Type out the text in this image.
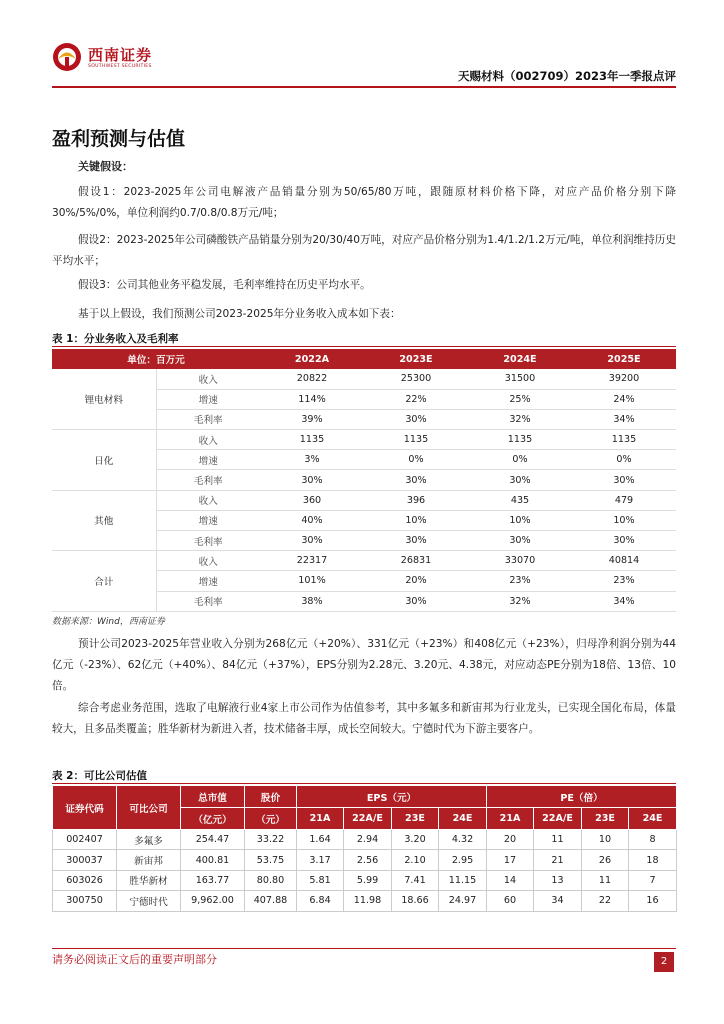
西南证券
SOUTHWEST SECURITIES
天赐材料（002709）2023年一季报点评
盈利预测与估值
关键假设：
假设1：2023-2025年公司电解液产品销量分别为50/65/80万吨，跟随原材料价格下降，对应产品价格分别下降30%/5%/0%，单位利润约0.7/0.8/0.8万元/吨；
假设2：2023-2025年公司磷酸铁产品销量分别为20/30/40万吨，对应产品价格分别为1.4/1.2/1.2万元/吨，单位利润维持历史平均水平；
假设3：公司其他业务平稳发展，毛利率维持在历史平均水平。
基于以上假设，我们预测公司2023-2025年分业务收入成本如下表：
表 1：分业务收入及毛利率
单位：百万元		2022A	2023E	2024E	2025E
锂电材料	收入	20822	25300	31500	39200
	增速	114%	22%	25%	24%
	毛利率	39%	30%	32%	34%
日化	收入	1135	1135	1135	1135
	增速	3%	0%	0%	0%
	毛利率	30%	30%	30%	30%
其他	收入	360	396	435	479
	增速	40%	10%	10%	10%
	毛利率	30%	30%	30%	30%
合计	收入	22317	26831	33070	40814
	增速	101%	20%	23%	23%
	毛利率	38%	30%	32%	34%
数据来源：Wind，西南证券
预计公司2023-2025年营业收入分别为268亿元（+20%）、331亿元（+23%）和408亿元（+23%），归母净利润分别为44亿元（-23%）、62亿元（+40%）、84亿元（+37%），EPS分别为2.28元、3.20元、4.38元，对应动态PE分别为18倍、13倍、10倍。
综合考虑业务范围，选取了电解液行业4家上市公司作为估值参考，其中多氟多和新宙邦为行业龙头，已实现全国化布局，体量较大，且多品类覆盖；胜华新材为新进入者，技术储备丰厚，成长空间较大。宁德时代为下游主要客户。
表 2：可比公司估值
证券代码	可比公司	总市值	股价	EPS（元）				PE（倍）			
		（亿元）	（元）	21A	22A/E	23E	24E	21A	22A/E	23E	24E
002407	多氟多	254.47	33.22	1.64	2.94	3.20	4.32	20	11	10	8
300037	新宙邦	400.81	53.75	3.17	2.56	2.10	2.95	17	21	26	18
603026	胜华新材	163.77	80.80	5.81	5.99	7.41	11.15	14	13	11	7
300750	宁德时代	9,962.00	407.88	6.84	11.98	18.66	24.97	60	34	22	16
请务必阅读正文后的重要声明部分	2
